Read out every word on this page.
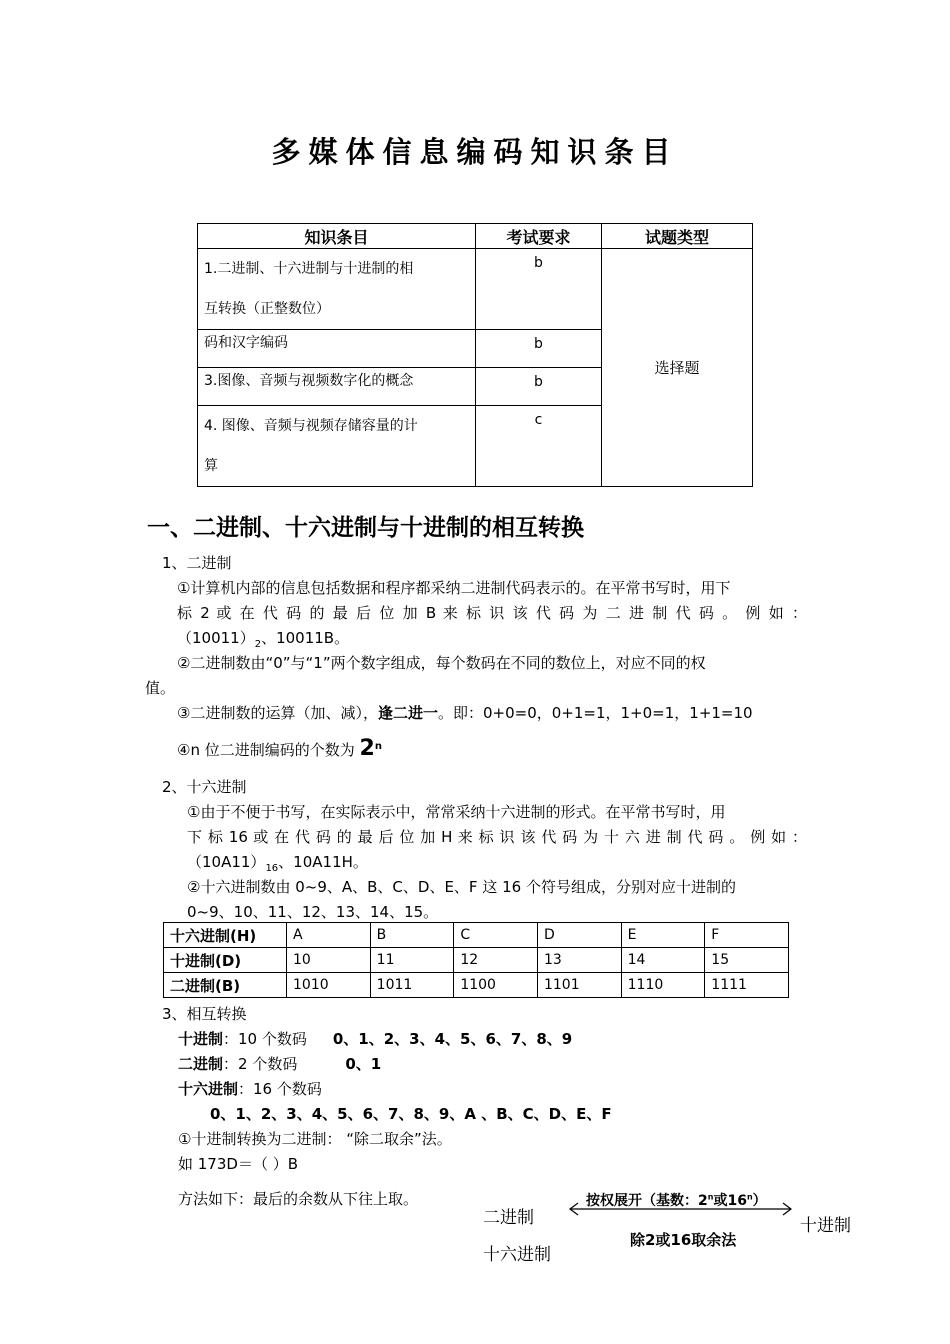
多媒体信息编码知识条目
知识条目	考试要求	试题类型

1.二进制、十六进制与十进制的相
互转换（正整数位）	b	选择题
码和汉字编码	b	
3.图像、音频与视频数字化的概念	b	

4. 图像、音频与视频存储容量的计
算	c	
一、二进制、十六进制与十进制的相互转换
1、二进制
①计算机内部的信息包括数据和程序都采纳二进制代码表示的。在平常书写时，用下
标 2 或 在 代 码 的 最 后 位 加 B 来 标 识 该 代 码 为 二 进 制 代 码 。 例 如 ：
$(10011)_2$、10011B。
②二进制数由“0”与“1”两个数字组成，每个数码在不同的数位上，对应不同的权
值。
③二进制数的运算（加、减），逢二进一。即：0+0=0，0+1=1，1+0=1，1+1=10
④n 位二进制编码的个数为 2$^n$
2、十六进制
①由于不便于书写，在实际表示中，常常采纳十六进制的形式。在平常书写时，用
下 标 16 或 在 代 码 的 最 后 位 加 H 来 标 识 该 代 码 为 十 六 进 制 代 码 。 例 如 ：
$(10A11)_{16}$、10A11H。
②十六进制数由 0~9、A、B、C、D、E、F 这 16 个符号组成，分别对应十进制的
0~9、10、11、12、13、14、15。
十六进制(H)	A	B	C	D	E	F
十进制(D)	10	11	12	13	14	15
二进制(B)	1010	1011	1100	1101	1110	1111
3、相互转换
十进制：10 个数码 0、1、2、3、4、5、6、7、8、9
二进制：2 个数码	0、1
十六进制：16 个数码
0、1、2、3、4、5、6、7、8、9、A 、B、C、D、E、F
①十进制转换为二进制： “除二取余”法。
如 173D＝（ ）B
方法如下：最后的余数从下往上取。
二进制
十六进制
十进制
按权展开（基数：2$^n$或16$^n$）
除2或16取余法
